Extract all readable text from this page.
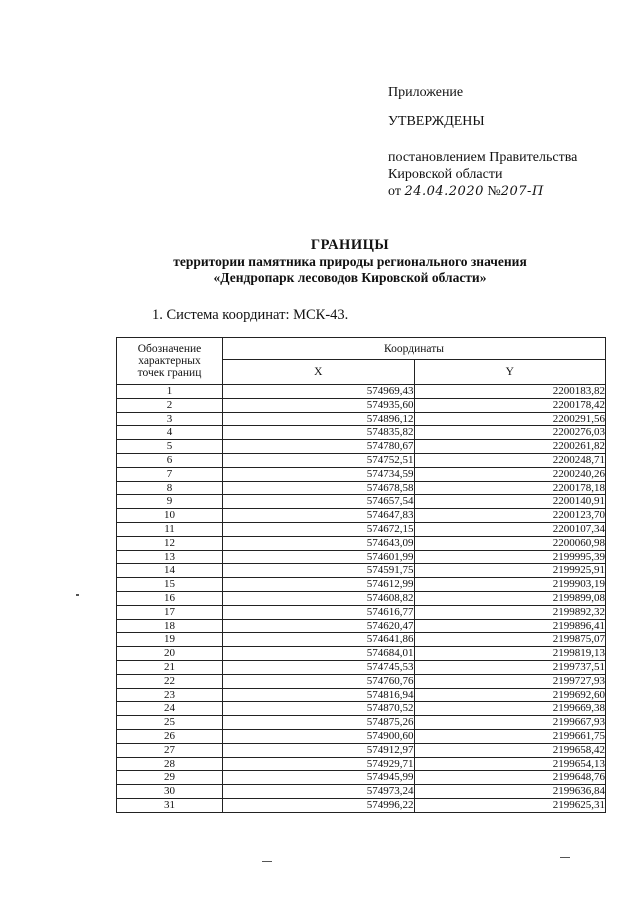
Приложение
УТВЕРЖДЕНЫ
постановлением Правительства
Кировской области
от 24.04.2020 №207-П
ГРАНИЦЫ
территории памятника природы регионального значения
«Дендропарк лесоводов Кировской области»
1. Система координат: МСК-43.
Обозначение
характерных
точек границ	Координаты	
	X	Y
1	574969,43	2200183,82
2	574935,60	2200178,42
3	574896,12	2200291,56
4	574835,82	2200276,03
5	574780,67	2200261,82
6	574752,51	2200248,71
7	574734,59	2200240,26
8	574678,58	2200178,18
9	574657,54	2200140,91
10	574647,83	2200123,70
11	574672,15	2200107,34
12	574643,09	2200060,98
13	574601,99	2199995,39
14	574591,75	2199925,91
15	574612,99	2199903,19
16	574608,82	2199899,08
17	574616,77	2199892,32
18	574620,47	2199896,41
19	574641,86	2199875,07
20	574684,01	2199819,13
21	574745,53	2199737,51
22	574760,76	2199727,93
23	574816,94	2199692,60
24	574870,52	2199669,38
25	574875,26	2199667,93
26	574900,60	2199661,75
27	574912,97	2199658,42
28	574929,71	2199654,13
29	574945,99	2199648,76
30	574973,24	2199636,84
31	574996,22	2199625,31
